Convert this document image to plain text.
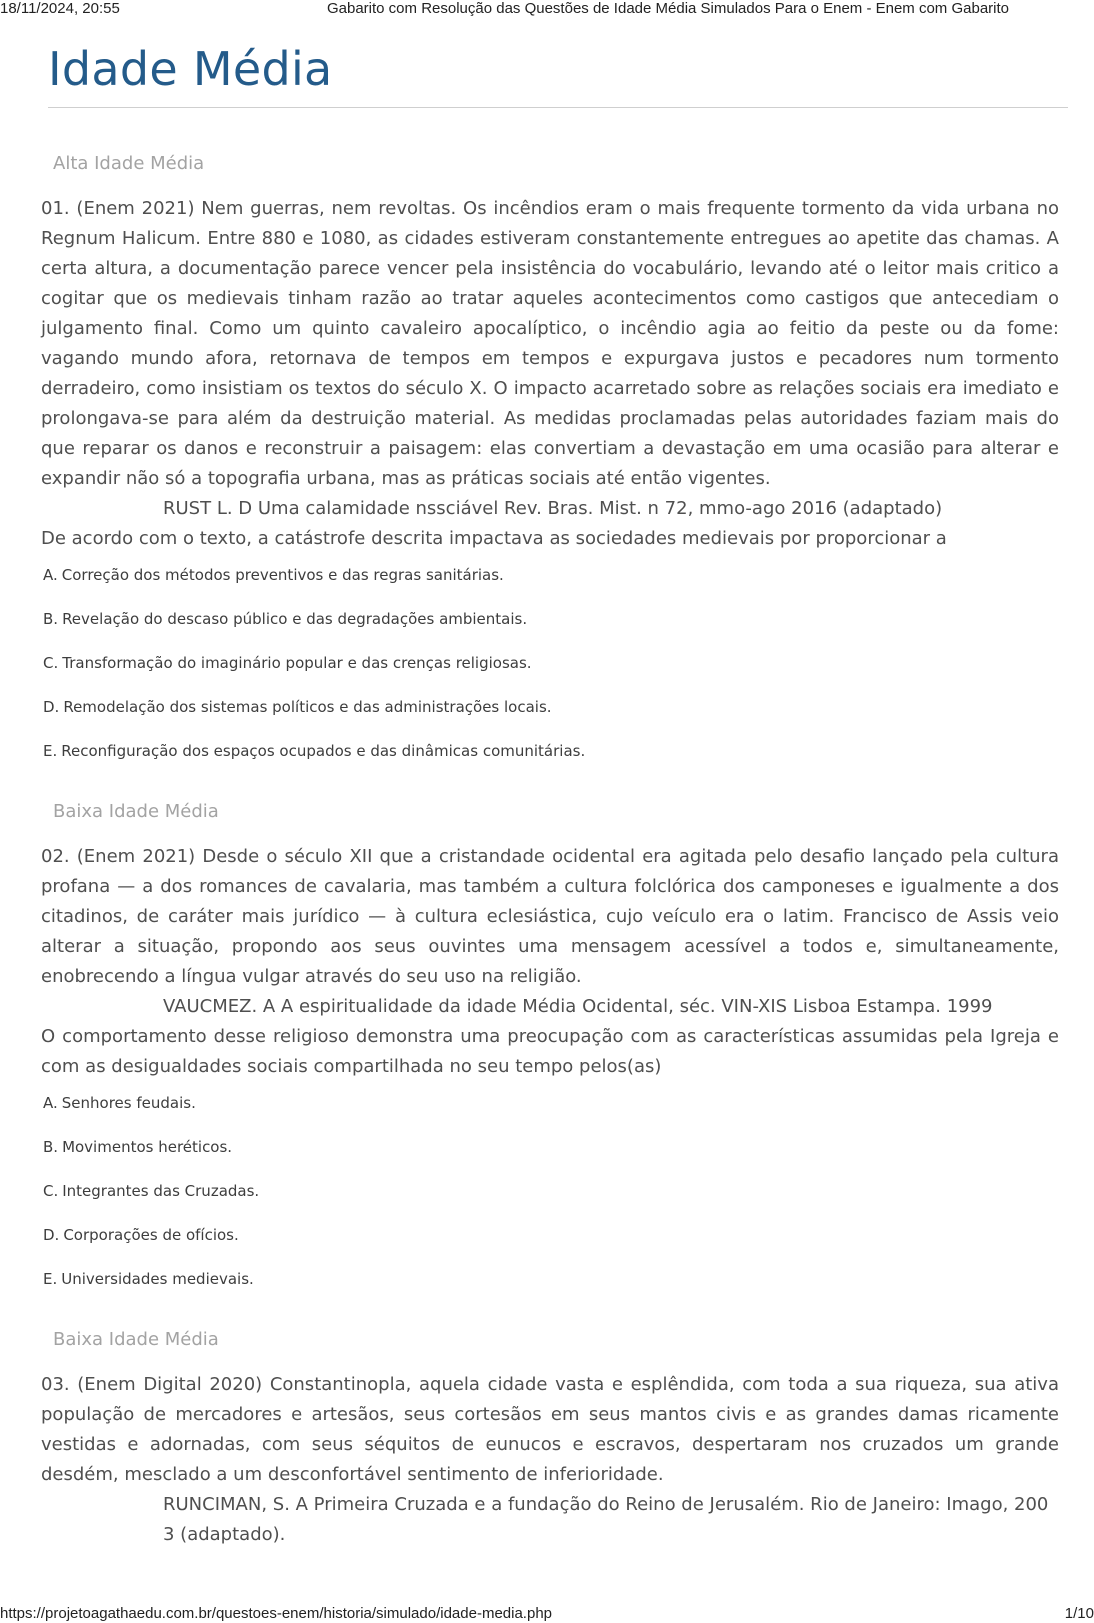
18/11/2024, 20:55	Gabarito com Resolução das Questões de Idade Média Simulados Para o Enem - Enem com Gabarito
Idade Média

Alta Idade Média

01. (Enem 2021) Nem guerras, nem revoltas. Os incêndios eram o mais frequente tormento da vida urbana no Regnum Halicum. Entre 880 e 1080, as cidades estiveram constantemente entregues ao apetite das chamas. A certa altura, a documentação parece vencer pela insistência do vocabulário, levando até o leitor mais critico a cogitar que os medievais tinham razão ao tratar aqueles acontecimentos como castigos que antecediam o julgamento final. Como um quinto cavaleiro apocalíptico, o incêndio agia ao feitio da peste ou da fome: vagando mundo afora, retornava de tempos em tempos e expurgava justos e pecadores num tormento derradeiro, como insistiam os textos do século X. O impacto acarretado sobre as relações sociais era imediato e prolongava-se para além da destruição material. As medidas proclamadas pelas autoridades faziam mais do que reparar os danos e reconstruir a paisagem: elas convertiam a devastação em uma ocasião para alterar e expandir não só a topografia urbana, mas as práticas sociais até então vigentes.

RUST L. D Uma calamidade nssciável Rev. Bras. Mist. n 72, mmo-ago 2016 (adaptado)

De acordo com o texto, a catástrofe descrita impactava as sociedades medievais por proporcionar a

A. Correção dos métodos preventivos e das regras sanitárias.
B. Revelação do descaso público e das degradações ambientais.
C. Transformação do imaginário popular e das crenças religiosas.
D. Remodelação dos sistemas políticos e das administrações locais.
E. Reconfiguração dos espaços ocupados e das dinâmicas comunitárias.

Baixa Idade Média

02. (Enem 2021) Desde o século XII que a cristandade ocidental era agitada pelo desafio lançado pela cultura profana — a dos romances de cavalaria, mas também a cultura folclórica dos camponeses e igualmente a dos citadinos, de caráter mais jurídico — à cultura eclesiástica, cujo veículo era o latim. Francisco de Assis veio alterar a situação, propondo aos seus ouvintes uma mensagem acessível a todos e, simultaneamente, enobrecendo a língua vulgar através do seu uso na religião.

VAUCMEZ. A A espiritualidade da idade Média Ocidental, séc. VIN-XIS Lisboa Estampa. 1999

O comportamento desse religioso demonstra uma preocupação com as características assumidas pela Igreja e com as desigualdades sociais compartilhada no seu tempo pelos(as)

A. Senhores feudais.
B. Movimentos heréticos.
C. Integrantes das Cruzadas.
D. Corporações de ofícios.
E. Universidades medievais.

Baixa Idade Média

03. (Enem Digital 2020) Constantinopla, aquela cidade vasta e esplêndida, com toda a sua riqueza, sua ativa população de mercadores e artesãos, seus cortesãos em seus mantos civis e as grandes damas ricamente vestidas e adornadas, com seus séquitos de eunucos e escravos, despertaram nos cruzados um grande desdém, mesclado a um desconfortável sentimento de inferioridade.

RUNCIMAN, S. A Primeira Cruzada e a fundação do Reino de Jerusalém. Rio de Janeiro: Imago, 2003 (adaptado).

https://projetoagathaedu.com.br/questoes-enem/historia/simulado/idade-media.php	1/10
